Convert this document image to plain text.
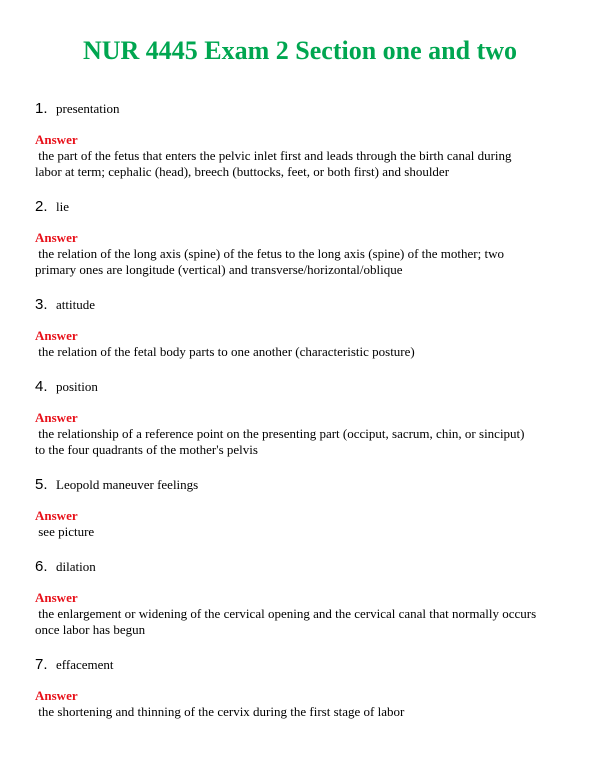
NUR 4445 Exam 2 Section one and two
1. presentation
Answer
the part of the fetus that enters the pelvic inlet first and leads through the birth canal during
labor at term; cephalic (head), breech (buttocks, feet, or both first) and shoulder
2. lie
Answer
the relation of the long axis (spine) of the fetus to the long axis (spine) of the mother; two
primary ones are longitude (vertical) and transverse/horizontal/oblique
3. attitude
Answer
the relation of the fetal body parts to one another (characteristic posture)
4. position
Answer
the relationship of a reference point on the presenting part (occiput, sacrum, chin, or sinciput)
to the four quadrants of the mother's pelvis
5. Leopold maneuver feelings
Answer
see picture
6. dilation
Answer
the enlargement or widening of the cervical opening and the cervical canal that normally occurs
once labor has begun
7. effacement
Answer
the shortening and thinning of the cervix during the first stage of labor
